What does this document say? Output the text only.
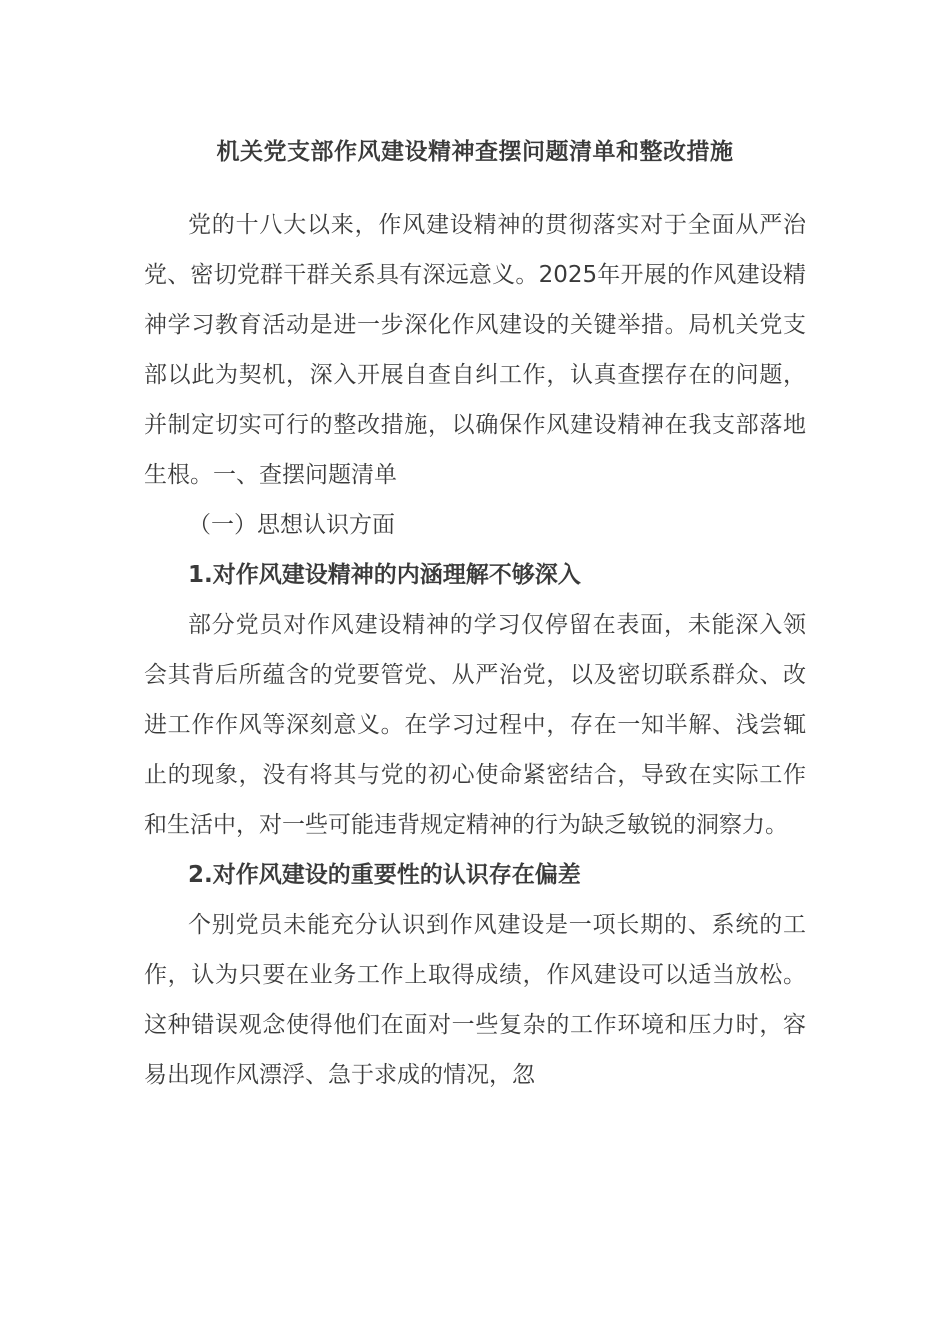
机关党支部作风建设精神查摆问题清单和整改措施

党的十八大以来，作风建设精神的贯彻落实对于全面从严治党、密切党群干群关系具有深远意义。2025年开展的作风建设精神学习教育活动是进一步深化作风建设的关键举措。局机关党支部以此为契机，深入开展自查自纠工作，认真查摆存在的问题，并制定切实可行的整改措施，以确保作风建设精神在我支部落地生根。一、查摆问题清单

（一）思想认识方面

1.对作风建设精神的内涵理解不够深入

部分党员对作风建设精神的学习仅停留在表面，未能深入领会其背后所蕴含的党要管党、从严治党，以及密切联系群众、改进工作作风等深刻意义。在学习过程中，存在一知半解、浅尝辄止的现象，没有将其与党的初心使命紧密结合，导致在实际工作和生活中，对一些可能违背规定精神的行为缺乏敏锐的洞察力。

2.对作风建设的重要性的认识存在偏差

个别党员未能充分认识到作风建设是一项长期的、系统的工作，认为只要在业务工作上取得成绩，作风建设可以适当放松。这种错误观念使得他们在面对一些复杂的工作环境和压力时，容易出现作风漂浮、急于求成的情况，忽
